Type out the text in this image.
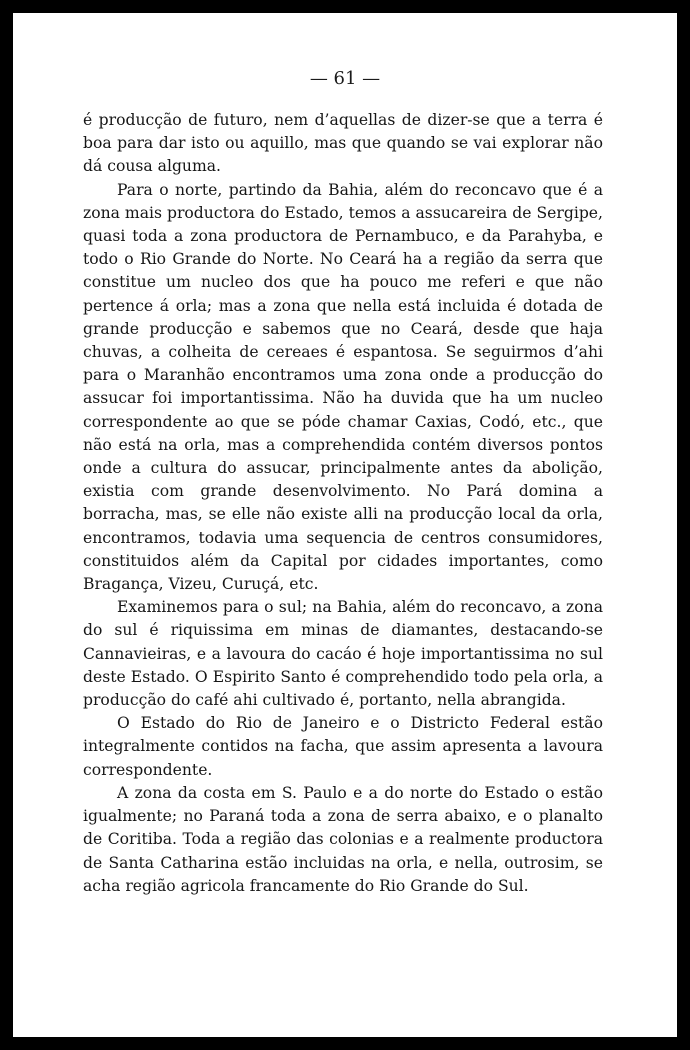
— 61 —

é producção de futuro, nem d’aquellas de dizer-se que a terra é boa para dar isto ou aquillo, mas que quando se vai explorar não dá cousa alguma.

Para o norte, partindo da Bahia, além do reconcavo que é a zona mais productora do Estado, temos a assucareira de Sergipe, quasi toda a zona productora de Pernambuco, e da Parahyba, e todo o Rio Grande do Norte. No Ceará ha a região da serra que constitue um nucleo dos que ha pouco me referi e que não pertence á orla; mas a zona que nella está incluida é dotada de grande producção e sabemos que no Ceará, desde que haja chuvas, a colheita de cereaes é espantosa. Se seguirmos d’ahi para o Maranhão encontramos uma zona onde a producção do assucar foi importantissima. Não ha duvida que ha um nucleo correspondente ao que se póde chamar Caxias, Codó, etc., que não está na orla, mas a comprehendida contém diversos pontos onde a cultura do assucar, principalmente antes da abolição, existia com grande desenvolvimento. No Pará domina a borracha, mas, se elle não existe alli na producção local da orla, encontramos, todavia uma sequencia de centros consumidores, constituidos além da Capital por cidades importantes, como Bragança, Vizeu, Curuçá, etc.

Examinemos para o sul; na Bahia, além do reconcavo, a zona do sul é riquissima em minas de diamantes, destacando-se Cannavieiras, e a lavoura do cacáo é hoje importantissima no sul deste Estado. O Espirito Santo é comprehendido todo pela orla, a producção do café ahi cultivado é, portanto, nella abrangida.

O Estado do Rio de Janeiro e o Districto Federal estão integralmente contidos na facha, que assim apresenta a lavoura correspondente.

A zona da costa em S. Paulo e a do norte do Estado o estão igualmente; no Paraná toda a zona de serra abaixo, e o planalto de Coritiba. Toda a região das colonias e a realmente productora de Santa Catharina estão incluidas na orla, e nella, outrosim, se acha região agricola francamente do Rio Grande do Sul.
